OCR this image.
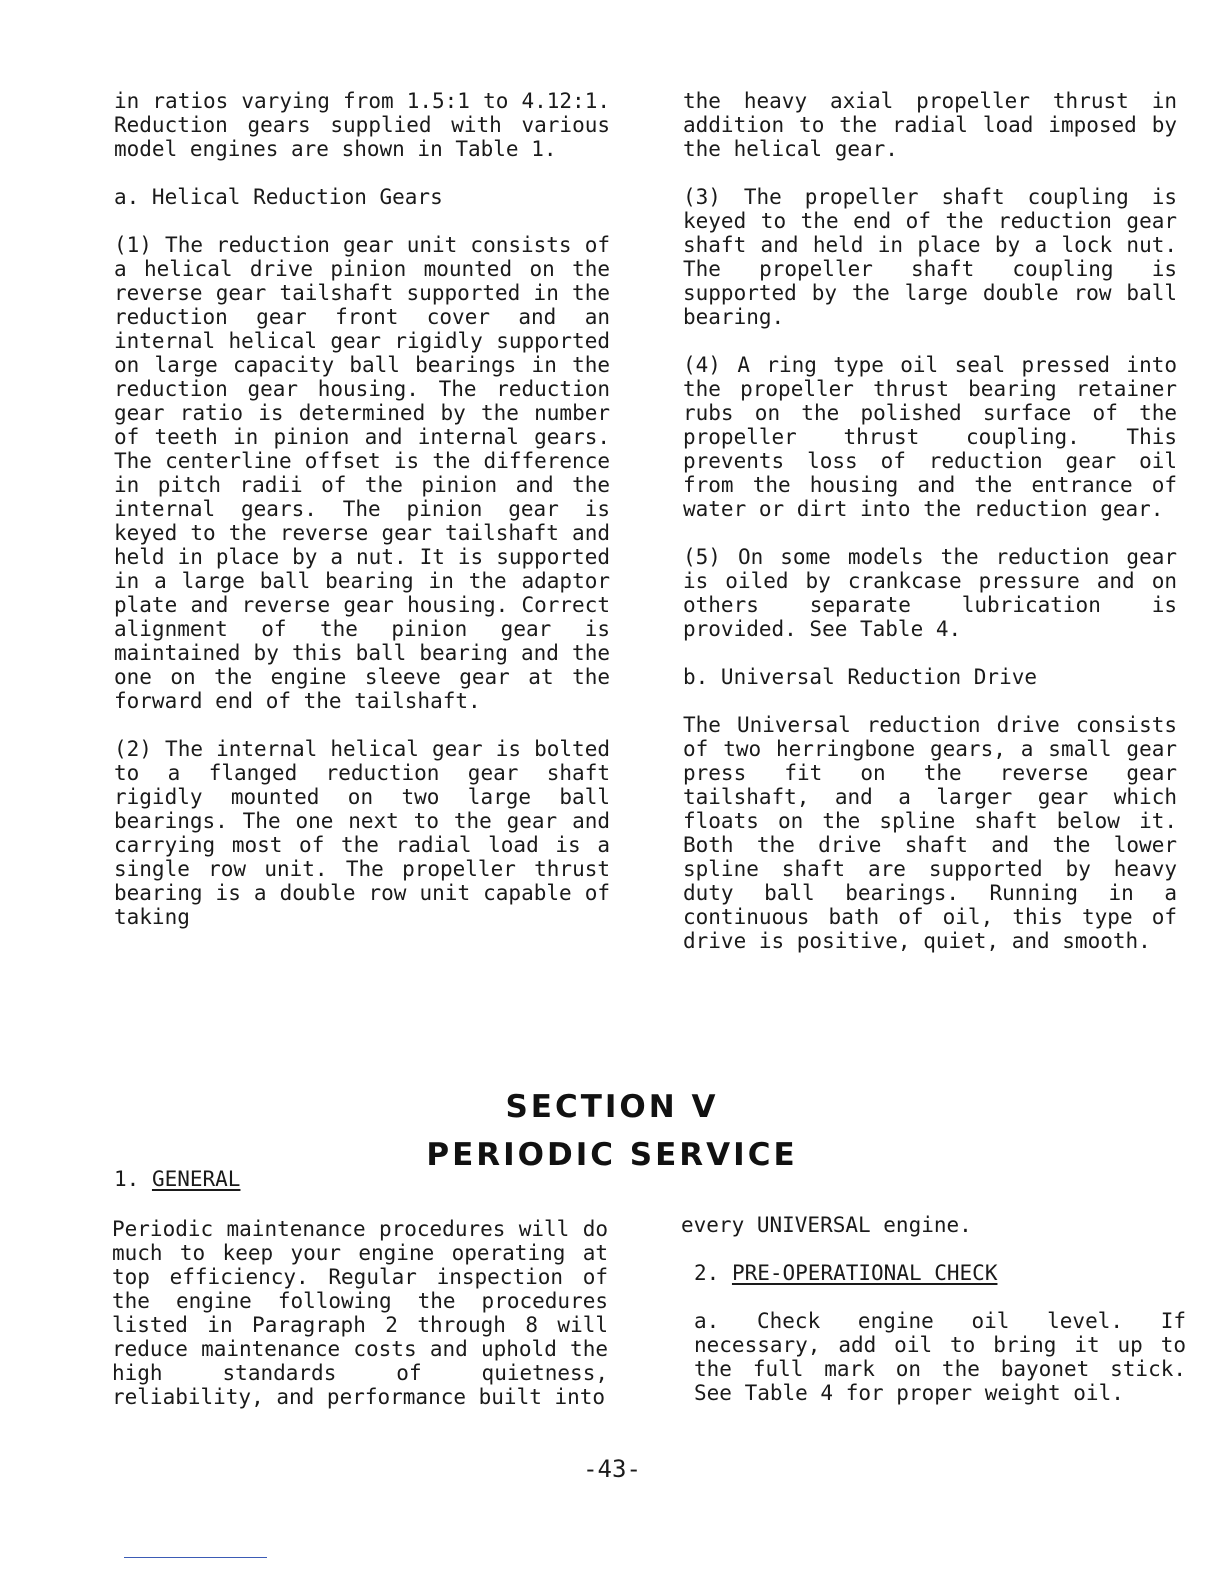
in ratios varying from 1.5:1 to 4.12:1. Reduction gears supplied with various model engines are shown in Table 1.

a. Helical Reduction Gears

(1) The reduction gear unit consists of a helical drive pinion mounted on the reverse gear tailshaft supported in the reduction gear front cover and an internal helical gear rigidly supported on large capacity ball bearings in the reduction gear housing. The reduction gear ratio is determined by the number of teeth in pinion and internal gears. The centerline offset is the difference in pitch radii of the pinion and the internal gears. The pinion gear is keyed to the reverse gear tailshaft and held in place by a nut. It is supported in a large ball bearing in the adaptor plate and reverse gear housing. Correct alignment of the pinion gear is maintained by this ball bearing and the one on the engine sleeve gear at the forward end of the tailshaft.

(2) The internal helical gear is bolted to a flanged reduction gear shaft rigidly mounted on two large ball bearings. The one next to the gear and carrying most of the radial load is a single row unit. The propeller thrust bearing is a double row unit capable of taking

the heavy axial propeller thrust in addition to the radial load imposed by the helical gear.

(3) The propeller shaft coupling is keyed to the end of the reduction gear shaft and held in place by a lock nut. The propeller shaft coupling is supported by the large double row ball bearing.

(4) A ring type oil seal pressed into the propeller thrust bearing retainer rubs on the polished surface of the propeller thrust coupling. This prevents loss of reduction gear oil from the housing and the entrance of water or dirt into the reduction gear.

(5) On some models the reduction gear is oiled by crankcase pressure and on others separate lubrication is provided. See Table 4.

b. Universal Reduction Drive

The Universal reduction drive consists of two herringbone gears, a small gear press fit on the reverse gear tailshaft, and a larger gear which floats on the spline shaft below it. Both the drive shaft and the lower spline shaft are supported by heavy duty ball bearings. Running in a continuous bath of oil, this type of drive is positive, quiet, and smooth.

SECTION V
PERIODIC SERVICE
1. GENERAL

Periodic maintenance procedures will do much to keep your engine operating at top efficiency. Regular inspection of the engine following the procedures listed in Paragraph 2 through 8 will reduce maintenance costs and uphold the high standards of quietness, reliability, and performance built into

every UNIVERSAL engine.

2. PRE-OPERATIONAL CHECK

a. Check engine oil level. If necessary, add oil to bring it up to the full mark on the bayonet stick. See Table 4 for proper weight oil.

-43-
